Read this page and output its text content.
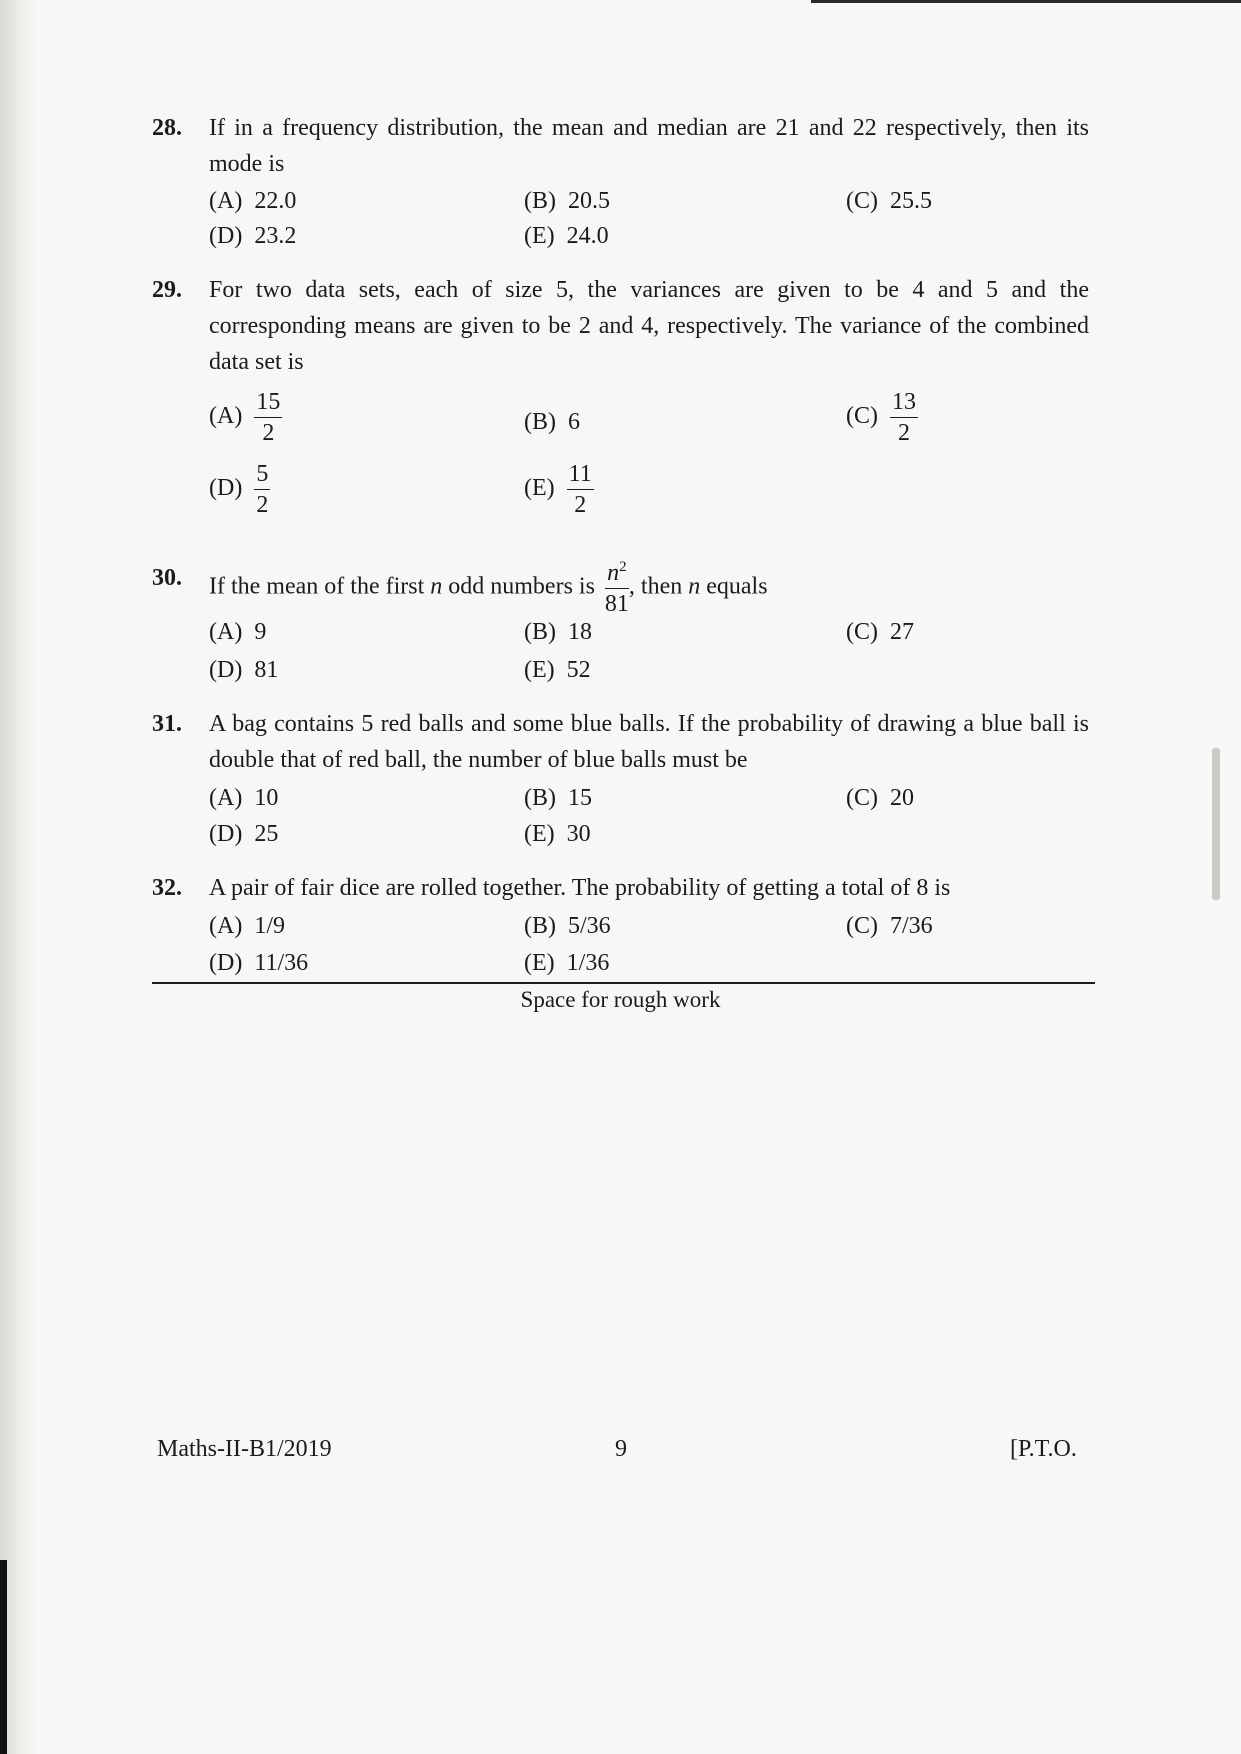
28. If in a frequency distribution, the mean and median are 21 and 22 respectively, then its mode is
(A) 22.0	(B) 20.5	(C) 25.5
(D) 23.2	(E) 24.0
29. For two data sets, each of size 5, the variances are given to be 4 and 5 and the corresponding means are given to be 2 and 4, respectively. The variance of the combined data set is
$(A) \frac{15}{2}$	(B) 6	$(C) \frac{13}{2}$
$(D) \frac{5}{2}$	$(E) \frac{11}{2}$
30. If the mean of the first n odd numbers is $\frac{n^2}{81}$ , then n equals
(A) 9	(B) 18	(C) 27
(D) 81	(E) 52
31. A bag contains 5 red balls and some blue balls. If the probability of drawing a blue ball is double that of red ball, the number of blue balls must be
(A) 10	(B) 15	(C) 20
(D) 25	(E) 30
32. A pair of fair dice are rolled together. The probability of getting a total of 8 is
(A) 1/9	(B) 5/36	(C) 7/36
(D) 11/36	(E) 1/36
Space for rough work
Maths-II-B1/2019	9	[P.T.O.
